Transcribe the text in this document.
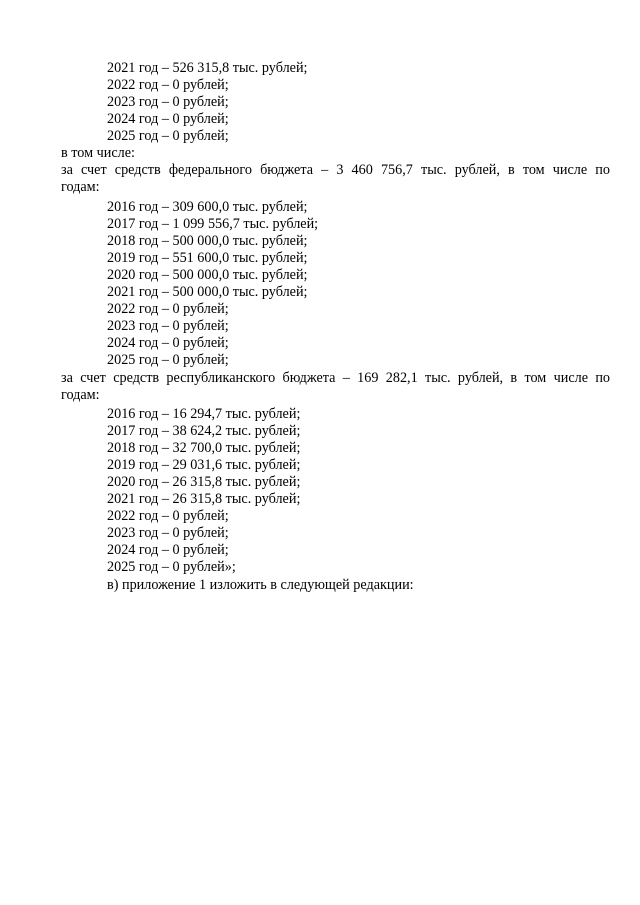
2021 год – 526 315,8 тыс. рублей;
2022 год – 0 рублей;
2023 год – 0 рублей;
2024 год – 0 рублей;
2025 год – 0 рублей;
в том числе:
за счет средств федерального бюджета – 3 460 756,7 тыс. рублей, в том числе по
годам:
2016 год – 309 600,0 тыс. рублей;
2017 год – 1 099 556,7 тыс. рублей;
2018 год – 500 000,0 тыс. рублей;
2019 год – 551 600,0 тыс. рублей;
2020 год – 500 000,0 тыс. рублей;
2021 год – 500 000,0 тыс. рублей;
2022 год – 0 рублей;
2023 год – 0 рублей;
2024 год – 0 рублей;
2025 год – 0 рублей;
за счет средств республиканского бюджета – 169 282,1 тыс. рублей, в том числе по
годам:
2016 год – 16 294,7 тыс. рублей;
2017 год – 38 624,2 тыс. рублей;
2018 год – 32 700,0 тыс. рублей;
2019 год – 29 031,6 тыс. рублей;
2020 год – 26 315,8 тыс. рублей;
2021 год – 26 315,8 тыс. рублей;
2022 год – 0 рублей;
2023 год – 0 рублей;
2024 год – 0 рублей;
2025 год – 0 рублей»;
в) приложение 1 изложить в следующей редакции:
